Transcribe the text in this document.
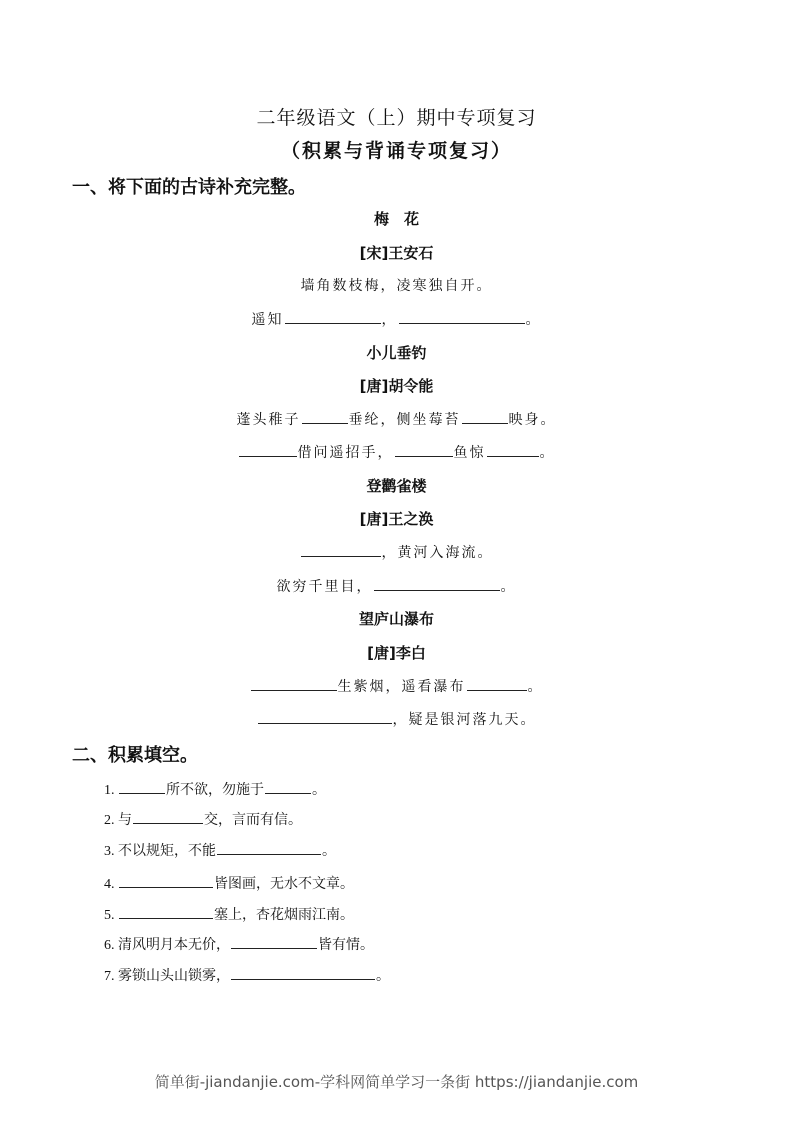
二年级语文（上）期中专项复习
（积累与背诵专项复习）
一、将下面的古诗补充完整。
梅　花
[宋]王安石
墙角数枝梅，凌寒独自开。
遥知	，	。
小儿垂钓
[唐]胡令能
蓬头稚子	垂纶，侧坐莓苔	映身。
借问遥招手，	鱼惊	。
登鹳雀楼
[唐]王之涣
，黄河入海流。
欲穷千里目，	。
望庐山瀑布
[唐]李白
生紫烟，遥看瀑布	。
，疑是银河落九天。
二、积累填空。
1.	所不欲，勿施于	。
2. 与	交，言而有信。
3. 不以规矩，不能	。
4.	皆图画，无水不文章。
5.	塞上，杏花烟雨江南。
6. 清风明月本无价，	皆有情。
7. 雾锁山头山锁雾，	。
简单街-jiandanjie.com-学科网简单学习一条街 https://jiandanjie.com
